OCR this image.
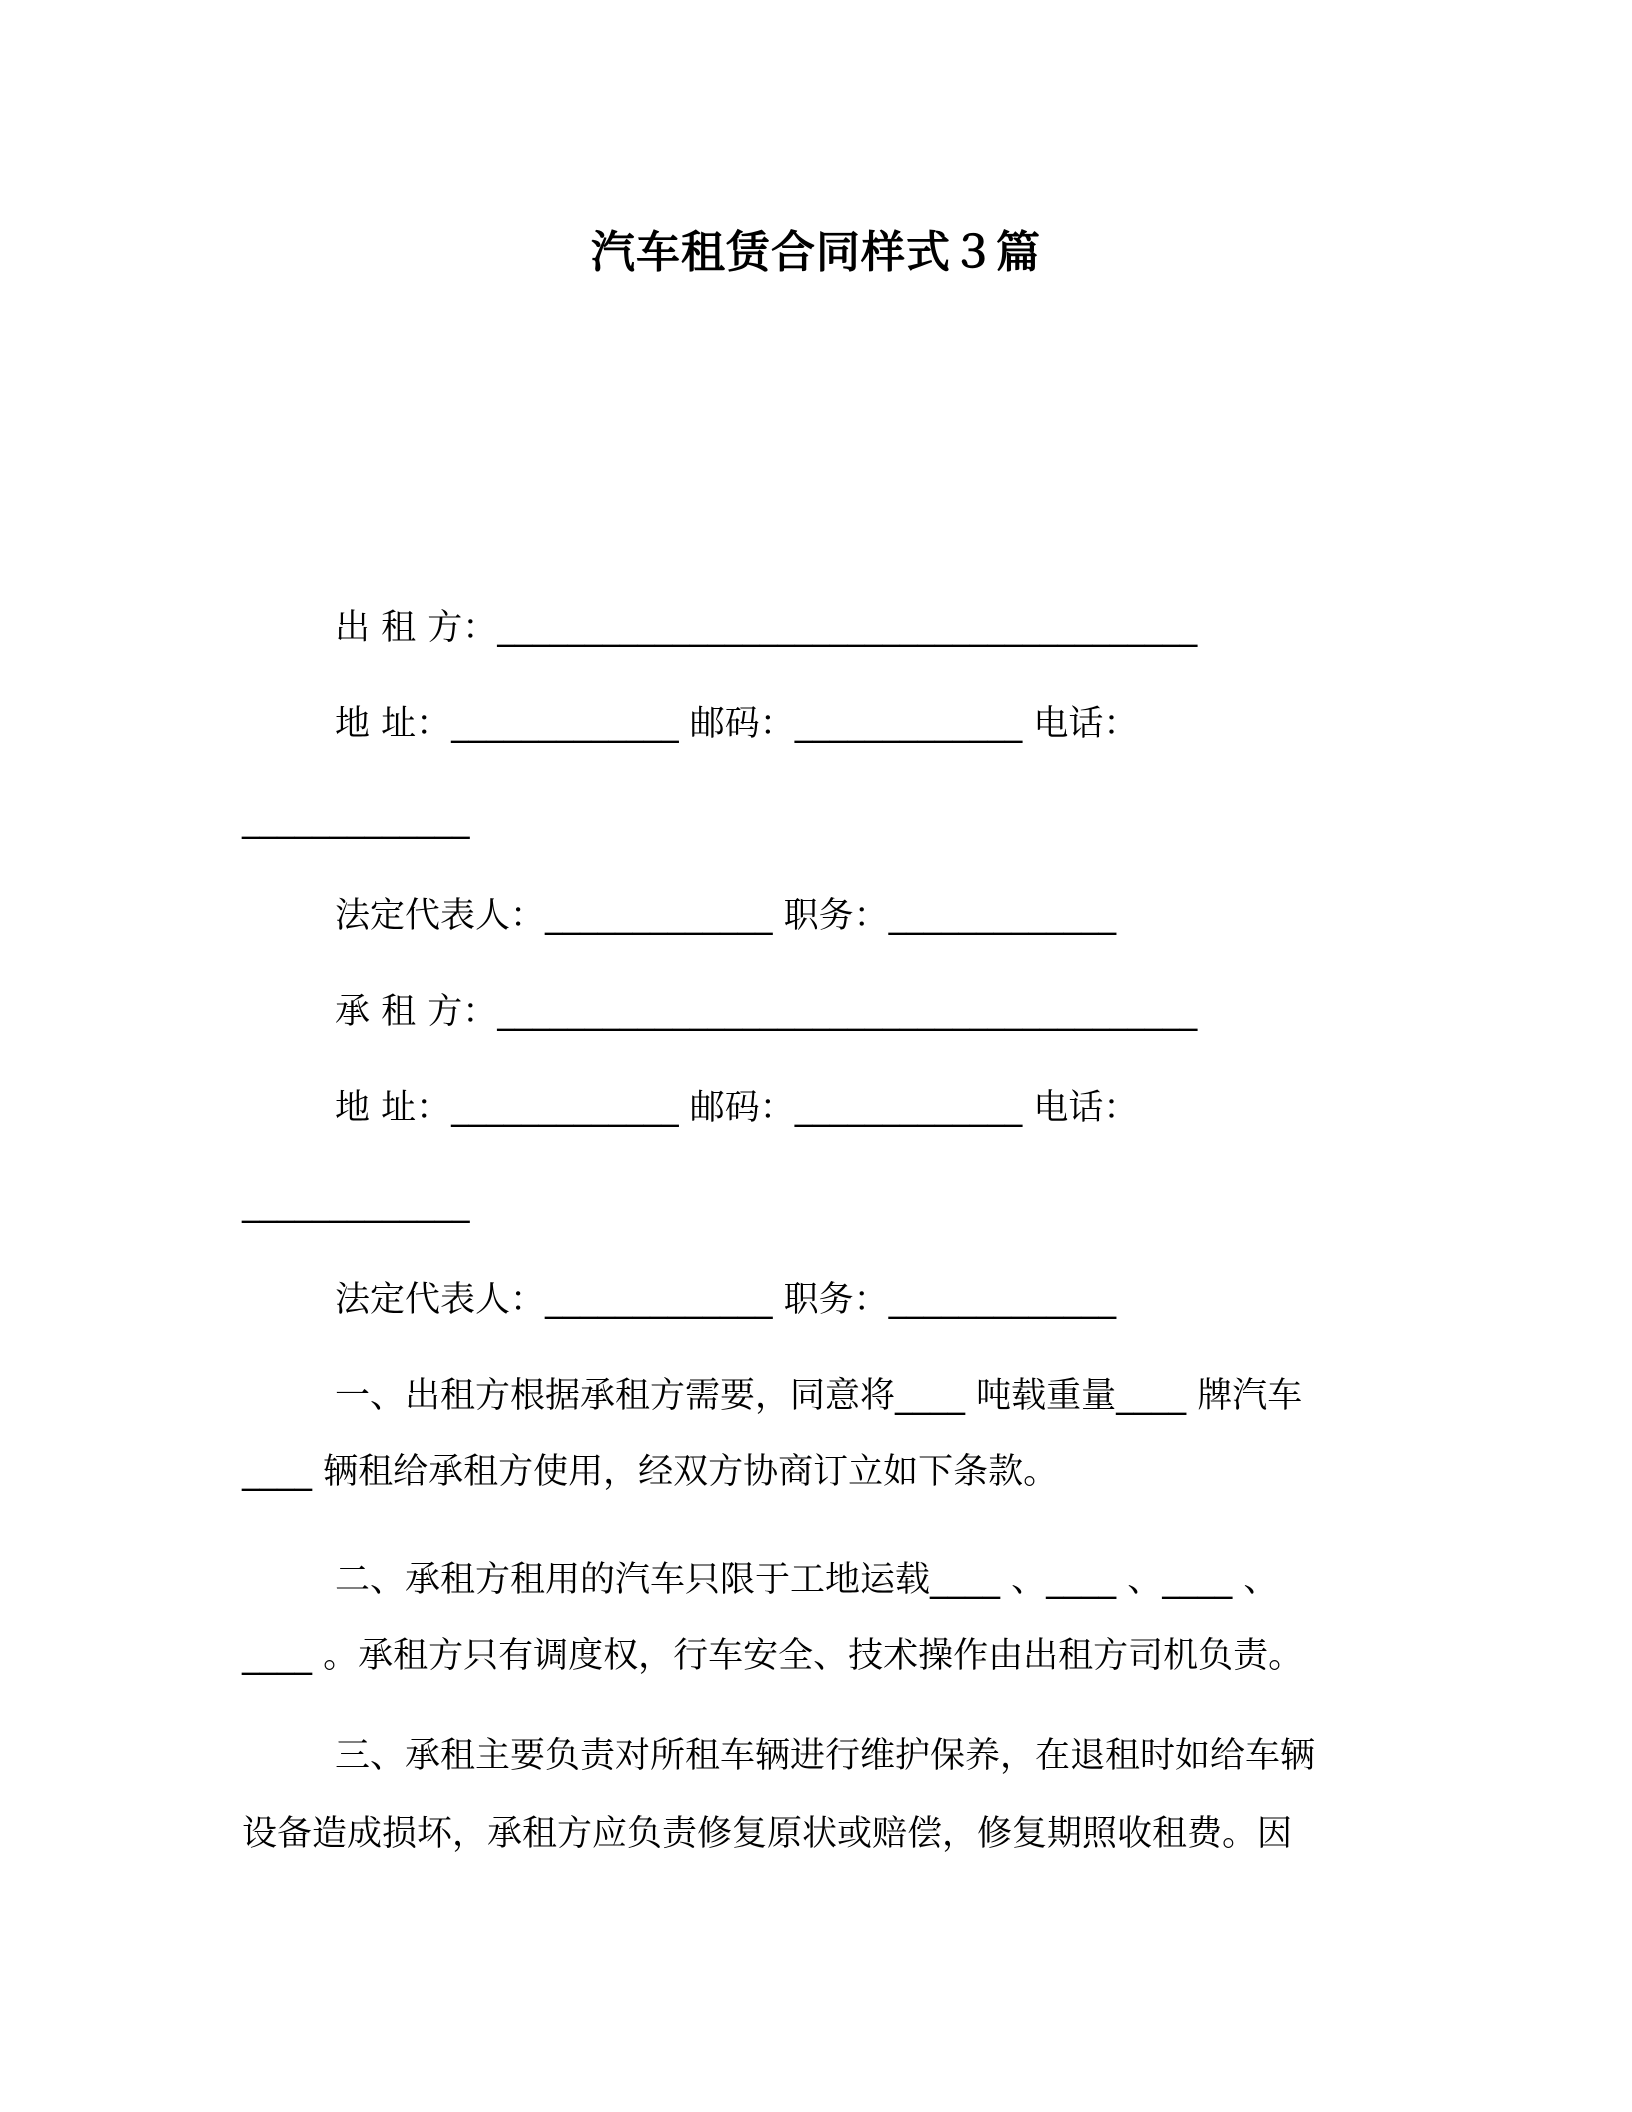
汽车租赁合同样式３篇
出 租 方：________________________________________
地 址：_____________ 邮码：_____________ 电话：
_____________
法定代表人：_____________ 职务：_____________
承 租 方：________________________________________
地 址：_____________ 邮码：_____________ 电话：
_____________
法定代表人：_____________ 职务：_____________
一、出租方根据承租方需要，同意将____ 吨载重量____ 牌汽车
____ 辆租给承租方使用，经双方协商订立如下条款。
二、承租方租用的汽车只限于工地运载____ 、____ 、____ 、
____ 。承租方只有调度权，行车安全、技术操作由出租方司机负责。
三、承租主要负责对所租车辆进行维护保养，在退租时如给车辆
设备造成损坏，承租方应负责修复原状或赔偿，修复期照收租费。因
